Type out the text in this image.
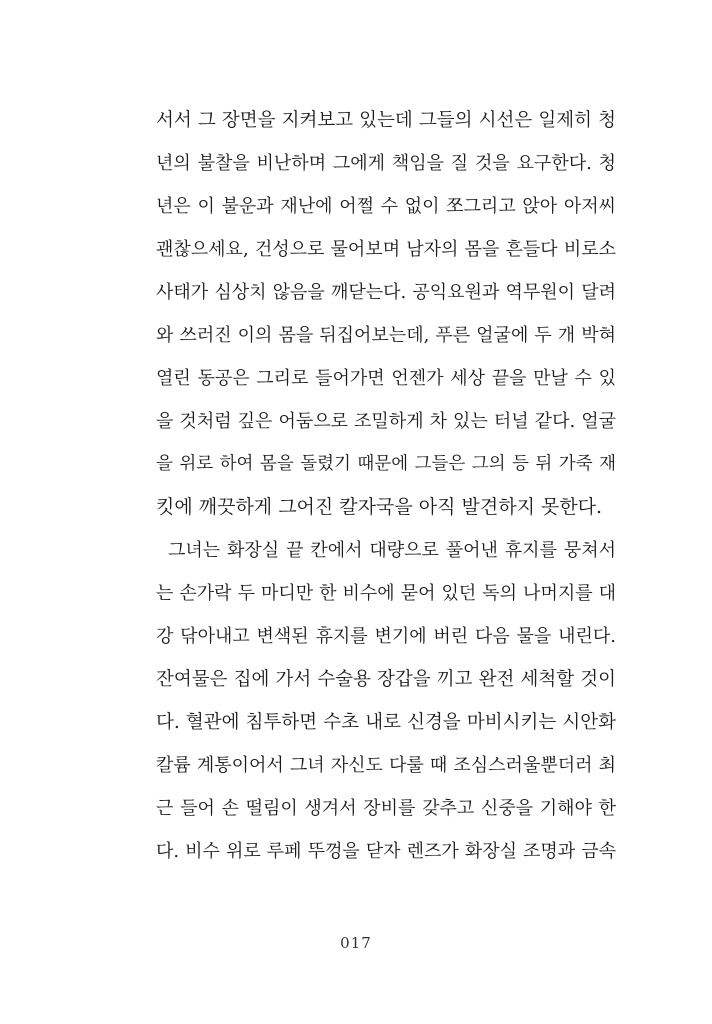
서서 그 장면을 지켜보고 있는데 그들의 시선은 일제히 청
년의 불찰을 비난하며 그에게 책임을 질 것을 요구한다. 청
년은 이 불운과 재난에 어쩔 수 없이 쪼그리고 앉아 아저씨
괜찮으세요, 건성으로 물어보며 남자의 몸을 흔들다 비로소
사태가 심상치 않음을 깨닫는다. 공익요원과 역무원이 달려
와 쓰러진 이의 몸을 뒤집어보는데, 푸른 얼굴에 두 개 박혀
열린 동공은 그리로 들어가면 언젠가 세상 끝을 만날 수 있
을 것처럼 깊은 어둠으로 조밀하게 차 있는 터널 같다. 얼굴
을 위로 하여 몸을 돌렸기 때문에 그들은 그의 등 뒤 가죽 재
킷에 깨끗하게 그어진 칼자국을 아직 발견하지 못한다.
그녀는 화장실 끝 칸에서 대량으로 풀어낸 휴지를 뭉쳐서
는 손가락 두 마디만 한 비수에 묻어 있던 독의 나머지를 대
강 닦아내고 변색된 휴지를 변기에 버린 다음 물을 내린다.
잔여물은 집에 가서 수술용 장갑을 끼고 완전 세척할 것이
다. 혈관에 침투하면 수초 내로 신경을 마비시키는 시안화
칼륨 계통이어서 그녀 자신도 다룰 때 조심스러울뿐더러 최
근 들어 손 떨림이 생겨서 장비를 갖추고 신중을 기해야 한
다. 비수 위로 루페 뚜껑을 닫자 렌즈가 화장실 조명과 금속
017
